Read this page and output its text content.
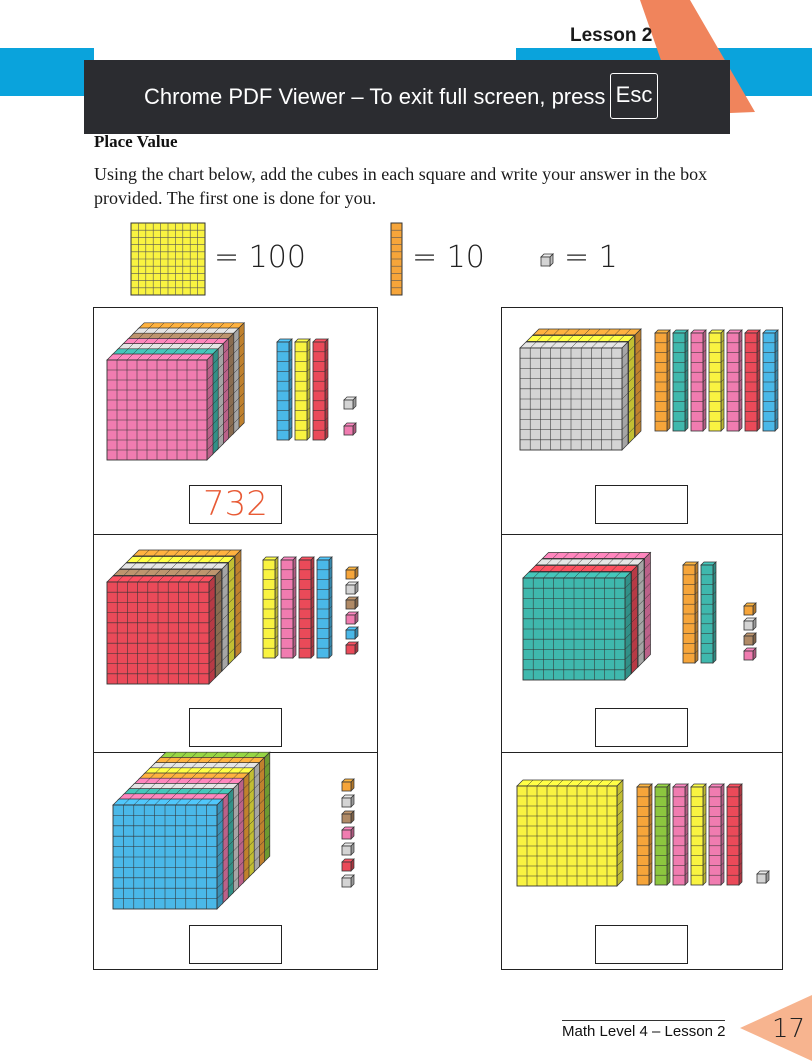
Lesson 2
Chrome PDF Viewer – To exit full screen, press Esc
Place Value
Using the chart below, add the cubes in each square and write your answer in the box provided. The first one is done for you.
= 100	= 10	= 1
732
Math Level 4 – Lesson 2 17
